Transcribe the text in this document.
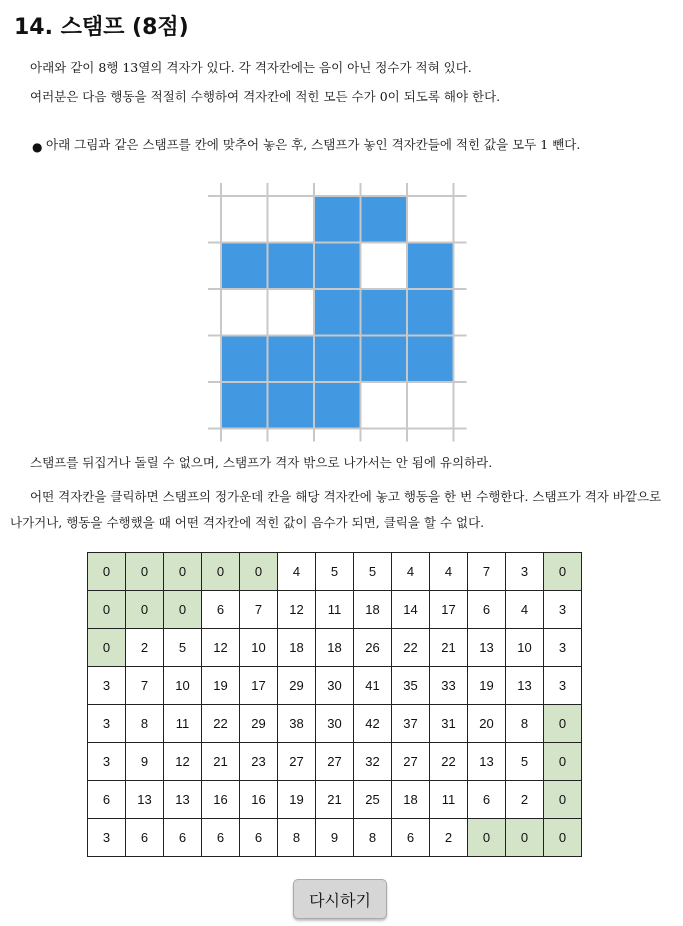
14. 스탬프 (8점)

아래와 같이 8행 13열의 격자가 있다. 각 격자칸에는 음이 아닌 정수가 적혀 있다.

여러분은 다음 행동을 적절히 수행하여 격자칸에 적힌 모든 수가 0이 되도록 해야 한다.

● 아래 그림과 같은 스탬프를 칸에 맞추어 놓은 후, 스탬프가 놓인 격자칸들에 적힌 값을 모두 1 뺀다.

스탬프를 뒤집거나 돌릴 수 없으며, 스탬프가 격자 밖으로 나가서는 안 됨에 유의하라.

어떤 격자칸을 클릭하면 스탬프의 정가운데 칸을 해당 격자칸에 놓고 행동을 한 번 수행한다. 스탬프가 격자 바깥으로 나가거나, 행동을 수행했을 때 어떤 격자칸에 적힌 값이 음수가 되면, 클릭을 할 수 없다.

0	0	0	0	0	4	5	5	4	4	7	3	0
0	0	0	6	7	12	11	18	14	17	6	4	3
0	2	5	12	10	18	18	26	22	21	13	10	3
3	7	10	19	17	29	30	41	35	33	19	13	3
3	8	11	22	29	38	30	42	37	31	20	8	0
3	9	12	21	23	27	27	32	27	22	13	5	0
6	13	13	16	16	19	21	25	18	11	6	2	0
3	6	6	6	6	8	9	8	6	2	0	0	0
다시하기
